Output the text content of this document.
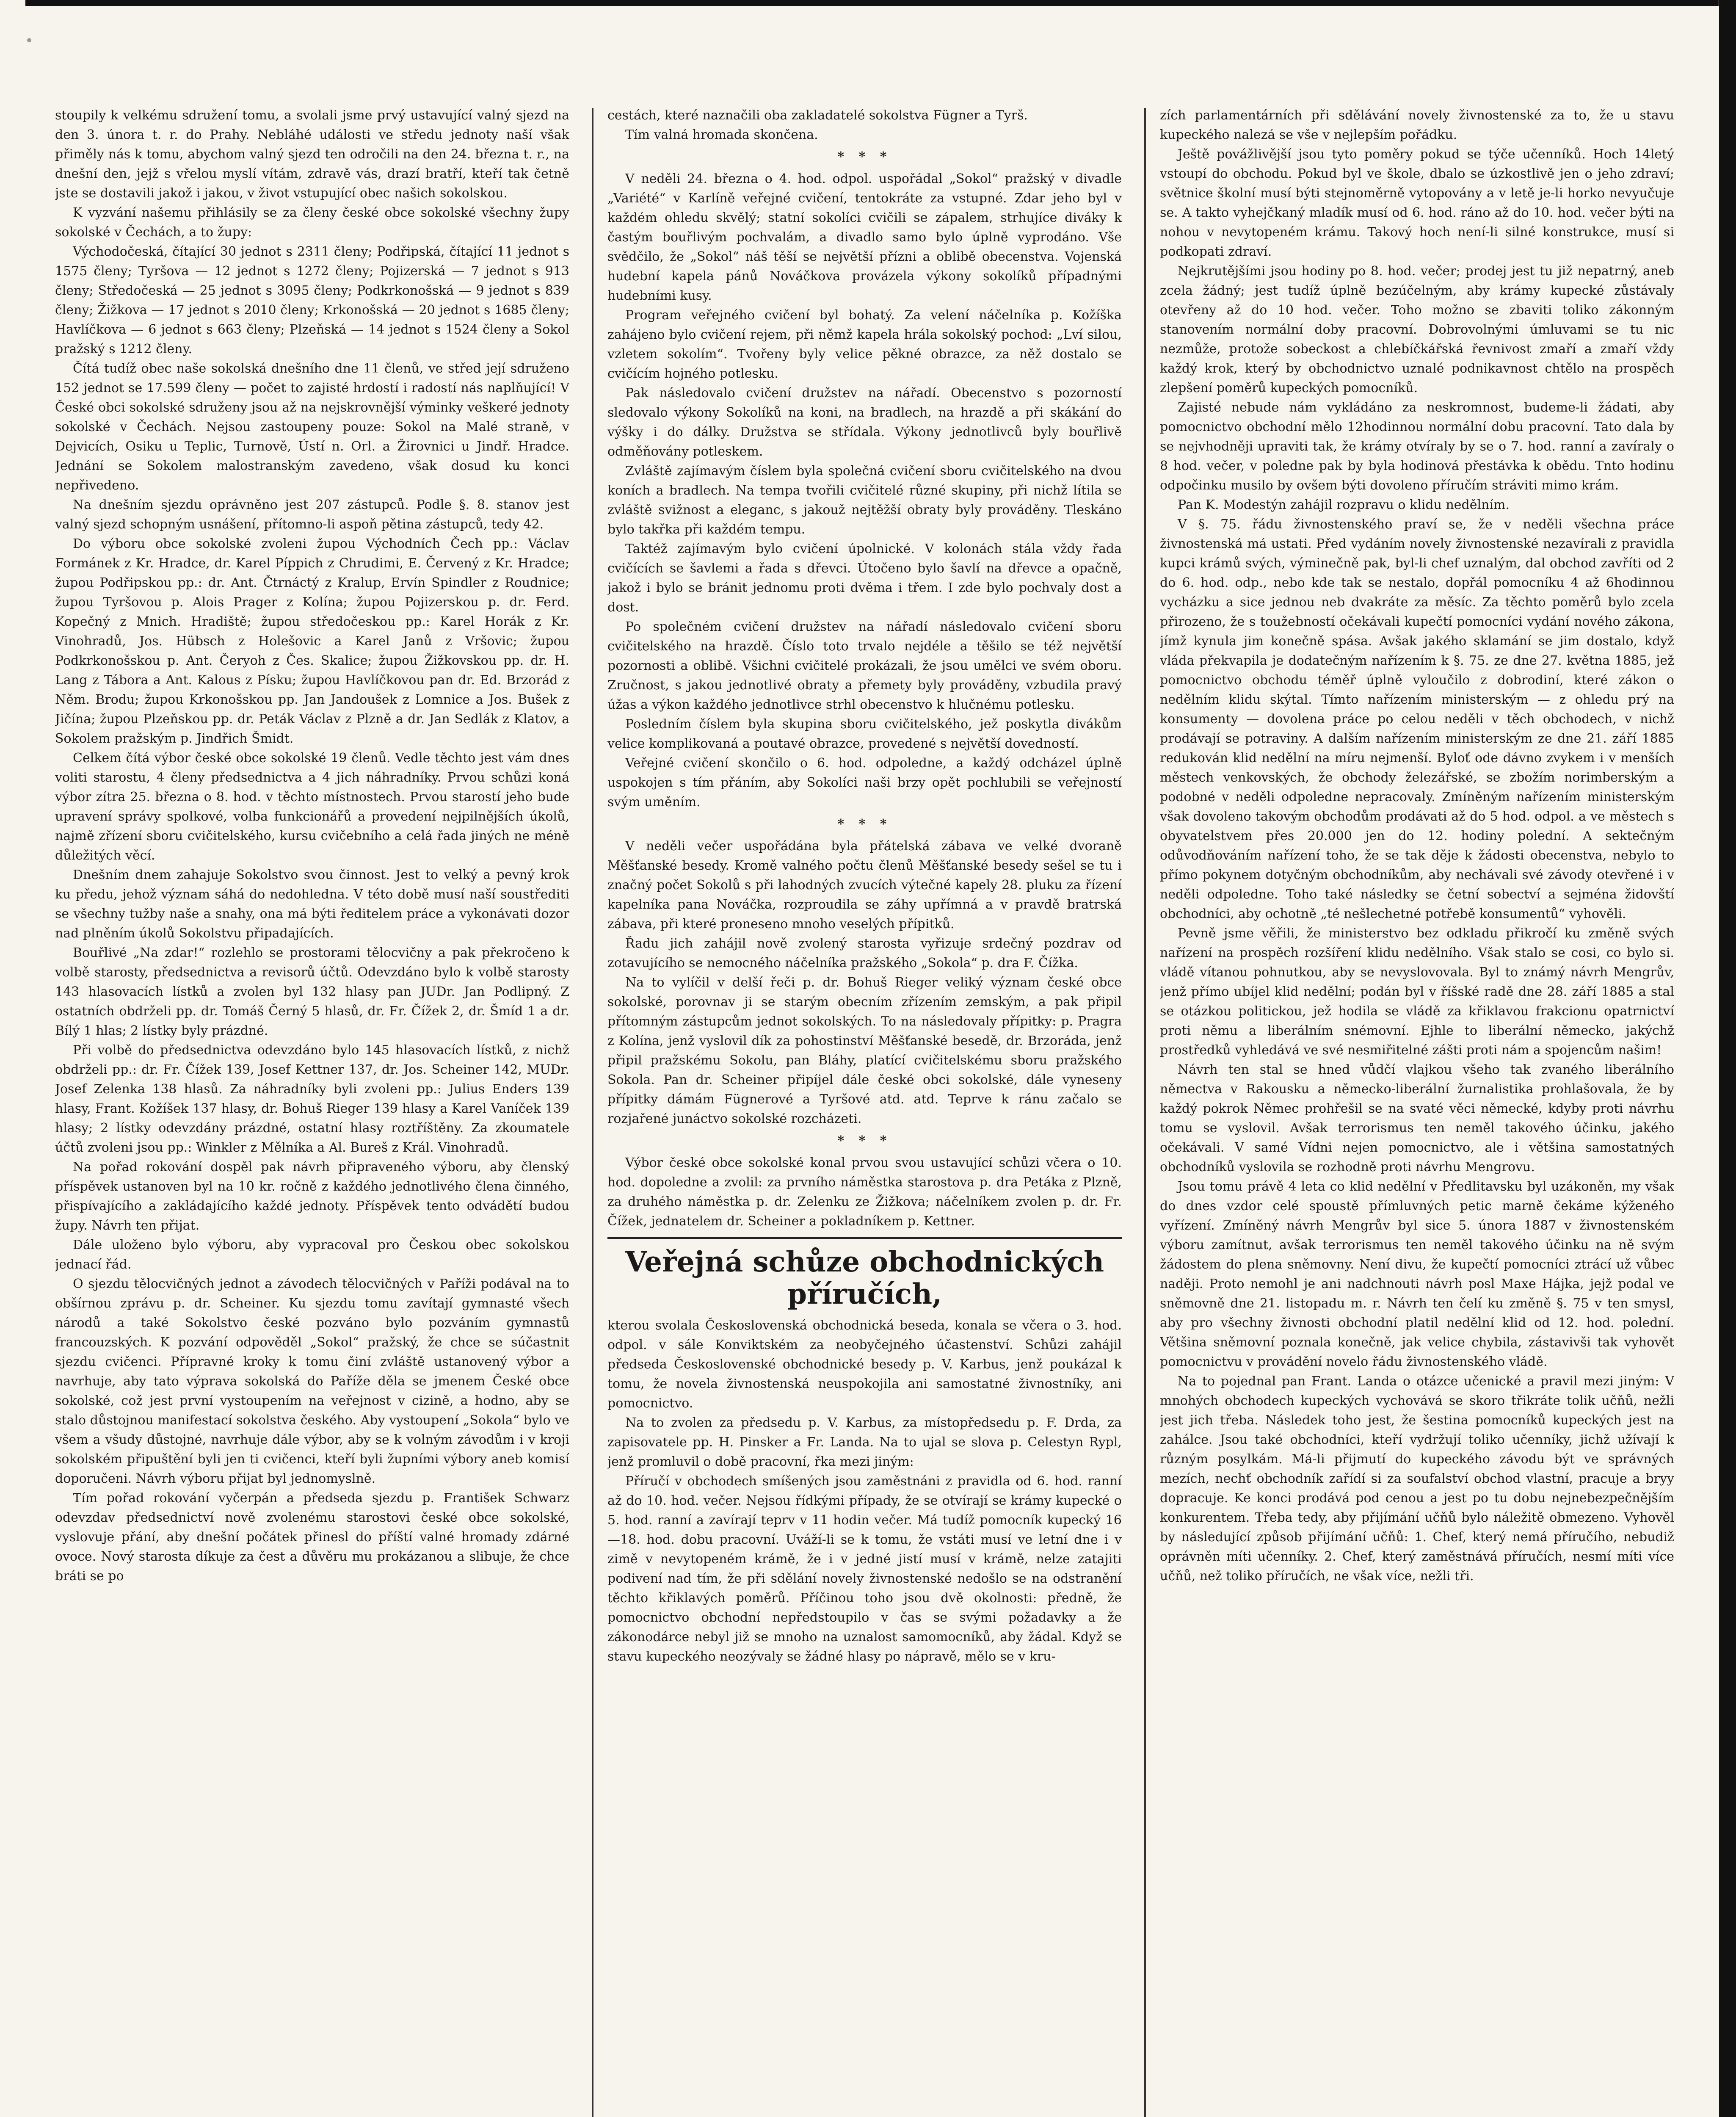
stoupily k velkému sdružení tomu, a svolali jsme prvý ustavující valný sjezd na den 3. února t. r. do Prahy. Nebláhé události ve středu jednoty naší však přiměly nás k tomu, abychom valný sjezd ten odročili na den 24. března t. r., na dnešní den, jejž s vřelou myslí vítám, zdravě vás, drazí bratří, kteří tak četně jste se dostavili jakož i jakou, v život vstupující obec našich sokolskou.

K vyzvání našemu přihlásily se za členy české obce sokolské všechny župy sokolské v Čechách, a to župy:

Východočeská, čítající 30 jednot s 2311 členy; Podřipská, čítající 11 jednot s 1575 členy; Tyršova — 12 jednot s 1272 členy; Pojizerská — 7 jednot s 913 členy; Středočeská — 25 jednot s 3095 členy; Podkrkonošská — 9 jednot s 839 členy; Žižkova — 17 jednot s 2010 členy; Krkonošská — 20 jednot s 1685 členy; Havlíčkova — 6 jednot s 663 členy; Plzeňská — 14 jednot s 1524 členy a Sokol pražský s 1212 členy.

Čítá tudíž obec naše sokolská dnešního dne 11 členů, ve střed její sdruženo 152 jednot se 17.599 členy — počet to zajisté hrdostí i radostí nás naplňující! V České obci sokolské sdruženy jsou až na nejskrovnější výminky veškeré jednoty sokolské v Čechách. Nejsou zastoupeny pouze: Sokol na Malé straně, v Dejvicích, Osiku u Teplic, Turnově, Ústí n. Orl. a Žirovnici u Jindř. Hradce. Jednání se Sokolem malostranským zavedeno, však dosud ku konci nepřivedeno.

Na dnešním sjezdu oprávněno jest 207 zástupců. Podle §. 8. stanov jest valný sjezd schopným usnášení, přítomno-li aspoň pětina zástupců, tedy 42.

Do výboru obce sokolské zvoleni župou Východních Čech pp.: Václav Formánek z Kr. Hradce, dr. Karel Píppich z Chrudimi, E. Červený z Kr. Hradce; župou Podřipskou pp.: dr. Ant. Čtrnáctý z Kralup, Ervín Spindler z Roudnice; župou Tyršovou p. Alois Prager z Kolína; župou Pojizerskou p. dr. Ferd. Kopečný z Mnich. Hradiště; župou středočeskou pp.: Karel Horák z Kr. Vinohradů, Jos. Hübsch z Holešovic a Karel Janů z Vršovic; župou Podkrkonošskou p. Ant. Čeryoh z Čes. Skalice; župou Žižkovskou pp. dr. H. Lang z Tábora a Ant. Kalous z Písku; župou Havlíčkovou pan dr. Ed. Brzorád z Něm. Brodu; župou Krkonošskou pp. Jan Jandoušek z Lomnice a Jos. Bušek z Jičína; župou Plzeňskou pp. dr. Peták Václav z Plzně a dr. Jan Sedlák z Klatov, a Sokolem pražským p. Jindřich Šmidt.

Celkem čítá výbor české obce sokolské 19 členů. Vedle těchto jest vám dnes voliti starostu, 4 členy předsednictva a 4 jich náhradníky. Prvou schůzi koná výbor zítra 25. března o 8. hod. v těchto místnostech. Prvou starostí jeho bude upravení správy spolkové, volba funkcionářů a provedení nejpilnějších úkolů, najmě zřízení sboru cvičitelského, kursu cvičebního a celá řada jiných ne méně důležitých věcí.

Dnešním dnem zahajuje Sokolstvo svou činnost. Jest to velký a pevný krok ku předu, jehož význam sáhá do nedohledna. V této době musí naší soustřediti se všechny tužby naše a snahy, ona má býti ředitelem práce a vykonávati dozor nad plněním úkolů Sokolstvu připadajících.

Bouřlivé „Na zdar!“ rozlehlo se prostorami tělocvičny a pak překročeno k volbě starosty, předsednictva a revisorů účtů. Odevzdáno bylo k volbě starosty 143 hlasovacích lístků a zvolen byl 132 hlasy pan JUDr. Jan Podlipný. Z ostatních obdrželi pp. dr. Tomáš Černý 5 hlasů, dr. Fr. Čížek 2, dr. Šmíd 1 a dr. Bílý 1 hlas; 2 lístky byly prázdné.

Při volbě do předsednictva odevzdáno bylo 145 hlasovacích lístků, z nichž obdrželi pp.: dr. Fr. Čížek 139, Josef Kettner 137, dr. Jos. Scheiner 142, MUDr. Josef Zelenka 138 hlasů. Za náhradníky byli zvoleni pp.: Julius Enders 139 hlasy, Frant. Kožíšek 137 hlasy, dr. Bohuš Rieger 139 hlasy a Karel Vaníček 139 hlasy; 2 lístky odevzdány prázdné, ostatní hlasy roztříštěny. Za zkoumatele účtů zvoleni jsou pp.: Winkler z Mělníka a Al. Bureš z Král. Vinohradů.

Na pořad rokování dospěl pak návrh připraveného výboru, aby členský příspěvek ustanoven byl na 10 kr. ročně z každého jednotlivého člena činného, přispívajícího a zakládajícího každé jednoty. Příspěvek tento odvádětí budou župy. Návrh ten přijat.

Dále uloženo bylo výboru, aby vypracoval pro Českou obec sokolskou jednací řád.

O sjezdu tělocvičných jednot a závodech tělocvičných v Paříži podával na to obšírnou zprávu p. dr. Scheiner. Ku sjezdu tomu zavítají gymnasté všech národů a také Sokolstvo české pozváno bylo pozváním gymnastů francouzských. K pozvání odpověděl „Sokol“ pražský, že chce se súčastnit sjezdu cvičenci. Přípravné kroky k tomu činí zvláště ustanovený výbor a navrhuje, aby tato výprava sokolská do Paříže děla se jmenem České obce sokolské, což jest první vystoupením na veřejnost v cizině, a hodno, aby se stalo důstojnou manifestací sokolstva českého. Aby vystoupení „Sokola“ bylo ve všem a všudy důstojné, navrhuje dále výbor, aby se k volným závodům i v kroji sokolském připuštění byli jen ti cvičenci, kteří byli župními výbory aneb komisí doporučeni. Návrh výboru přijat byl jednomyslně.

Tím pořad rokování vyčerpán a předseda sjezdu p. František Schwarz odevzdav předsednictví nově zvolenému starostovi české obce sokolské, vyslovuje přání, aby dnešní počátek přinesl do příští valné hromady zdárné ovoce. Nový starosta díkuje za čest a důvěru mu prokázanou a slibuje, že chce bráti se po

cestách, které naznačili oba zakladatelé sokolstva Fügner a Tyrš.

Tím valná hromada skončena.

* * *

V neděli 24. března o 4. hod. odpol. uspořádal „Sokol“ pražský v divadle „Variété“ v Karlíně veřejné cvičení, tentokráte za vstupné. Zdar jeho byl v každém ohledu skvělý; statní sokolíci cvičili se zápalem, strhujíce diváky k častým bouřlivým pochvalám, a divadlo samo bylo úplně vyprodáno. Vše svědčilo, že „Sokol“ náš těší se největší přízni a oblibě obecenstva. Vojenská hudební kapela pánů Nováčkova provázela výkony sokolíků případnými hudebními kusy.

Program veřejného cvičení byl bohatý. Za velení náčelníka p. Kožíška zahájeno bylo cvičení rejem, při němž kapela hrála sokolský pochod: „Lví silou, vzletem sokolím“. Tvořeny byly velice pěkné obrazce, za něž dostalo se cvičícím hojného potlesku.

Pak následovalo cvičení družstev na nářadí. Obecenstvo s pozorností sledovalo výkony Sokolíků na koni, na bradlech, na hrazdě a při skákání do výšky i do dálky. Družstva se střídala. Výkony jednotlivců byly bouřlivě odměňovány potleskem.

Zvláště zajímavým číslem byla společná cvičení sboru cvičitelského na dvou koních a bradlech. Na tempa tvořili cvičitelé různé skupiny, při nichž lítila se zvláště svižnost a eleganc, s jakouž nejtěžší obraty byly prováděny. Tleskáno bylo takřka při každém tempu.

Taktéž zajímavým bylo cvičení úpolnické. V kolonách stála vždy řada cvičících se šavlemi a řada s dřevci. Útočeno bylo šavlí na dřevce a opačně, jakož i bylo se bránit jednomu proti dvěma i třem. I zde bylo pochvaly dost a dost.

Po společném cvičení družstev na nářadí následovalo cvičení sboru cvičitelského na hrazdě. Číslo toto trvalo nejdéle a těšilo se též největší pozornosti a oblibě. Všichni cvičitelé prokázali, že jsou umělci ve svém oboru. Zručnost, s jakou jednotlivé obraty a přemety byly prováděny, vzbudila pravý úžas a výkon každého jednotlivce strhl obecenstvo k hlučnému potlesku.

Posledním číslem byla skupina sboru cvičitelského, jež poskytla divákům velice komplikovaná a poutavé obrazce, provedené s největší dovedností.

Veřejné cvičení skončilo o 6. hod. odpoledne, a každý odcházel úplně uspokojen s tím přáním, aby Sokolíci naši brzy opět pochlubili se veřejností svým uměním.

* * *

V neděli večer uspořádána byla přátelská zábava ve velké dvoraně Měšťanské besedy. Kromě valného počtu členů Měšťanské besedy sešel se tu i značný počet Sokolů s při lahodných zvucích výtečné kapely 28. pluku za řízení kapelníka pana Nováčka, rozproudila se záhy upřímná a v pravdě bratrská zábava, při které proneseno mnoho veselých přípitků.

Řadu jich zahájil nově zvolený starosta vyřizuje srdečný pozdrav od zotavujícího se nemocného náčelníka pražského „Sokola“ p. dra F. Čížka.

Na to vylíčil v delší řeči p. dr. Bohuš Rieger veliký význam české obce sokolské, porovnav ji se starým obecním zřízením zemským, a pak připil přítomným zástupcům jednot sokolských. To na následovaly přípitky: p. Pragra z Kolína, jenž vyslovil dík za pohostinství Měšťanské besedě, dr. Brzoráda, jenž připil pražskému Sokolu, pan Bláhy, platící cvičitelskému sboru pražského Sokola. Pan dr. Scheiner připíjel dále české obci sokolské, dále vyneseny přípitky dámám Fügnerové a Tyršové atd. atd. Teprve k ránu začalo se rozjařené junáctvo sokolské rozcházeti.

* * *

Výbor české obce sokolské konal prvou svou ustavující schůzi včera o 10. hod. dopoledne a zvolil: za prvního náměstka starostova p. dra Petáka z Plzně, za druhého náměstka p. dr. Zelenku ze Žižkova; náčelníkem zvolen p. dr. Fr. Čížek, jednatelem dr. Scheiner a pokladníkem p. Kettner.

Veřejná schůze obchodnických příručích,

kterou svolala Československá obchodnická beseda, konala se včera o 3. hod. odpol. v sále Konviktském za neobyčejného účastenství. Schůzi zahájil předseda Československé obchodnické besedy p. V. Karbus, jenž poukázal k tomu, že novela živnostenská neuspokojila ani samostatné živnostníky, ani pomocnictvo.

Na to zvolen za předsedu p. V. Karbus, za místopředsedu p. F. Drda, za zapisovatele pp. H. Pinsker a Fr. Landa. Na to ujal se slova p. Celestyn Rypl, jenž promluvil o době pracovní, řka mezi jiným:

Příručí v obchodech smíšených jsou zaměstnáni z pravidla od 6. hod. ranní až do 10. hod. večer. Nejsou řídkými případy, že se otvírají se krámy kupecké o 5. hod. ranní a zavírají teprv v 11 hodin večer. Má tudíž pomocník kupecký 16—18. hod. dobu pracovní. Uváží-li se k tomu, že vstáti musí ve letní dne i v zimě v nevytopeném krámě, že i v jedné jistí musí v krámě, nelze zatajiti podivení nad tím, že při sdělání novely živnostenské nedošlo se na odstranění těchto křiklavých poměrů. Příčinou toho jsou dvě okolnosti: předně, že pomocnictvo obchodní nepředstoupilo v čas se svými požadavky a že zákonodárce nebyl již se mnoho na uznalost samomocníků, aby žádal. Když se stavu kupeckého neozývaly se žádné hlasy po nápravě, mělo se v kru-

zích parlamentárních při sdělávání novely živnostenské za to, že u stavu kupeckého nalezá se vše v nejlepším pořádku.

Ještě povážlivější jsou tyto poměry pokud se týče učenníků. Hoch 14letý vstoupí do obchodu. Pokud byl ve škole, dbalo se úzkostlivě jen o jeho zdraví; světnice školní musí býti stejnoměrně vytopovány a v letě je-li horko nevyučuje se. A takto vyhejčkaný mladík musí od 6. hod. ráno až do 10. hod. večer býti na nohou v nevytopeném krámu. Takový hoch není-li silné konstrukce, musí si podkopati zdraví.

Nejkrutějšími jsou hodiny po 8. hod. večer; prodej jest tu již nepatrný, aneb zcela žádný; jest tudíž úplně bezúčelným, aby krámy kupecké zůstávaly otevřeny až do 10 hod. večer. Toho možno se zbaviti toliko zákonným stanovením normální doby pracovní. Dobrovolnými úmluvami se tu nic nezmůže, protože sobeckost a chlebíčkářská řevnivost zmaří a zmaří vždy každý krok, který by obchodnictvo uznalé podnikavnost chtělo na prospěch zlepšení poměrů kupeckých pomocníků.

Zajisté nebude nám vykládáno za neskromnost, budeme-li žádati, aby pomocnictvo obchodní mělo 12hodinnou normální dobu pracovní. Tato dala by se nejvhodněji upraviti tak, že krámy otvíraly by se o 7. hod. ranní a zavíraly o 8 hod. večer, v poledne pak by byla hodinová přestávka k obědu. Tnto hodinu odpočinku musilo by ovšem býti dovoleno příručím stráviti mimo krám.

Pan K. Modestýn zahájil rozpravu o klidu nedělním.

V §. 75. řádu živnostenského praví se, že v neděli všechna práce živnostenská má ustati. Před vydáním novely živnostenské nezavírali z pravidla kupci krámů svých, výminečně pak, byl-li chef uznalým, dal obchod zavříti od 2 do 6. hod. odp., nebo kde tak se nestalo, dopřál pomocníku 4 až 6hodinnou vycházku a sice jednou neb dvakráte za měsíc. Za těchto poměrů bylo zcela přirozeno, že s toužebností očekávali kupečtí pomocníci vydání nového zákona, jímž kynula jim konečně spása. Avšak jakého sklamání se jim dostalo, když vláda překvapila je dodatečným nařízením k §. 75. ze dne 27. května 1885, jež pomocnictvo obchodu téměř úplně vyloučilo z dobrodiní, které zákon o nedělním klidu skýtal. Tímto nařízením ministerským — z ohledu prý na konsumenty — dovolena práce po celou neděli v těch obchodech, v nichž prodávají se potraviny. A dalším nařízením ministerským ze dne 21. září 1885 redukován klid nedělní na míru nejmenší. Byloť ode dávno zvykem i v menších městech venkovských, že obchody železářské, se zbožím norimberským a podobné v neděli odpoledne nepracovaly. Zmíněným nařízením ministerským však dovoleno takovým obchodům prodávati až do 5 hod. odpol. a ve městech s obyvatelstvem přes 20.000 jen do 12. hodiny polední. A sektečným odůvodňováním nařízení toho, že se tak děje k žádosti obecenstva, nebylo to přímo pokynem dotyčným obchodníkům, aby nechávali své závody otevřené i v neděli odpoledne. Toho také následky se četní sobectví a sejména židovští obchodníci, aby ochotně „té nešlechetné potřebě konsumentů“ vyhověli.

Pevně jsme věřili, že ministerstvo bez odkladu přikročí ku změně svých nařízení na prospěch rozšíření klidu nedělního. Však stalo se cosi, co bylo si. vládě vítanou pohnutkou, aby se nevyslovovala. Byl to známý návrh Mengrův, jenž přímo ubíjel klid nedělní; podán byl v říšské radě dne 28. září 1885 a stal se otázkou politickou, jež hodila se vládě za křiklavou frakcionu opatrnictví proti němu a liberálním snémovní. Ejhle to liberální německo, jakýchž prostředků vyhledává ve své nesmiřitelné zášti proti nám a spojencům našim!

Návrh ten stal se hned vůdčí vlajkou všeho tak zvaného liberálního němectva v Rakousku a německo-liberální žurnalistika prohlašovala, že by každý pokrok Němec prohřešil se na svaté věci německé, kdyby proti návrhu tomu se vyslovil. Avšak terrorismus ten neměl takového účinku, jakého očekávali. V samé Vídni nejen pomocnictvo, ale i většina samostatných obchodníků vyslovila se rozhodně proti návrhu Mengrovu.

Jsou tomu právě 4 leta co klid nedělní v Předlitavsku byl uzákoněn, my však do dnes vzdor celé spoustě přímluvných petic marně čekáme kýženého vyřízení. Zmíněný návrh Mengrův byl sice 5. února 1887 v živnostenském výboru zamítnut, avšak terrorismus ten neměl takového účinku na ně svým žádostem do plena sněmovny. Není divu, že kupečtí pomocníci ztrácí už vůbec naději. Proto nemohl je ani nadchnouti návrh posl Maxe Hájka, jejž podal ve sněmovně dne 21. listopadu m. r. Návrh ten čelí ku změně §. 75 v ten smysl, aby pro všechny živnosti obchodní platil nedělní klid od 12. hod. polední. Většina sněmovní poznala konečně, jak velice chybila, zástavivši tak vyhovět pomocnictvu v provádění novelo řádu živnostenského vládě.

Na to pojednal pan Frant. Landa o otázce učenické a pravil mezi jiným: V mnohých obchodech kupeckých vychovává se skoro třikráte tolik učňů, nežli jest jich třeba. Následek toho jest, že šestina pomocníků kupeckých jest na zahálce. Jsou také obchodníci, kteří vydržují toliko učenníky, jichž užívají k různým posylkám. Má-li přijmutí do kupeckého závodu být ve správných mezích, nechť obchodník zařídí si za soufalství obchod vlastní, pracuje a bryy dopracuje. Ke konci prodává pod cenou a jest po tu dobu nejnebezpečnějším konkurentem. Třeba tedy, aby přijímání učňů bylo náležitě obmezeno. Vyhověl by následující způsob přijímání učňů: 1. Chef, který nemá příručího, nebudiž oprávněn míti učenníky. 2. Chef, který zaměstnává příručích, nesmí míti více učňů, než toliko příručích, ne však více, nežli tři.
